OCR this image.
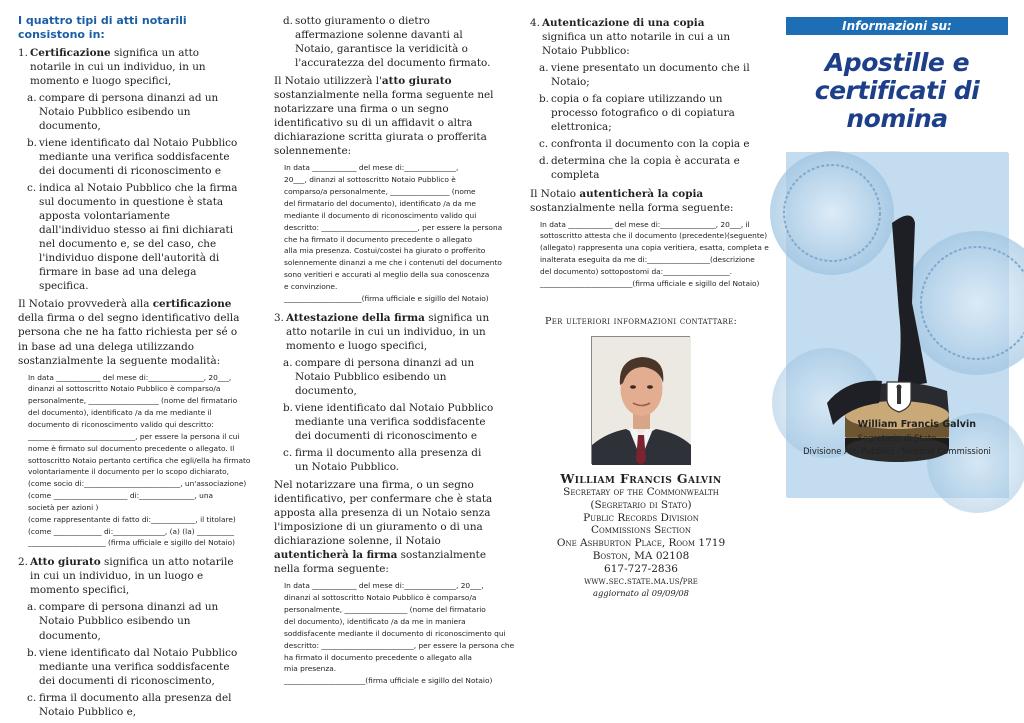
I quattro tipi di atti notarili consistono in:
1. Certificazione significa un atto notarile in cui un individuo, in un momento e luogo specifici,
a. compare di persona dinanzi ad un Notaio Pubblico esibendo un documento,
b. viene identificato dal Notaio Pubblico mediante una verifica soddisfacente dei documenti di riconoscimento e
c. indica al Notaio Pubblico che la firma sul documento in questione è stata apposta volontariamente dall'individuo stesso ai fini dichiarati nel documento e, se del caso, che l'individuo dispone dell'autorità di firmare in base ad una delega specifica.
Il Notaio provvederà alla certificazione della firma o del segno identificativo della persona che ne ha fatto richiesta per sé o in base ad una delega utilizzando sostanzialmente la seguente modalità:
In data ____________ del mese di:_______________, 20___,
dinanzi al sottoscritto Notaio Pubblico è comparso/a
personalmente, ___________________ (nome del firmatario
del documento), identificato /a da me mediante il
documento di riconoscimento valido qui descritto:
_____________________________, per essere la persona il cui
nome è firmato sul documento precedente o allegato. Il
sottoscritto Notaio pertanto certifica che egli/ella ha firmato
volontariamente il documento per lo scopo dichiarato,
(come socio di:__________________________, un'associazione)
(come ____________________ di:_______________, una
società per azioni )
(come rappresentante di fatto di:____________, il titolare)
(come _____________ di:______________, (a) (la) __________
_____________________ (firma ufficiale e sigillo del Notaio)
2. Atto giurato significa un atto notarile in cui un individuo, in un luogo e momento specifici,
a. compare di persona dinanzi ad un Notaio Pubblico esibendo un documento,
b. viene identificato dal Notaio Pubblico mediante una verifica soddisfacente dei documenti di riconoscimento,
c. firma il documento alla presenza del Notaio Pubblico e,
d. sotto giuramento o dietro affermazione solenne davanti al Notaio, garantisce la veridicità o l'accuratezza del documento firmato.
Il Notaio utilizzerà l'atto giurato sostanzialmente nella forma seguente nel notarizzare una firma o un segno identificativo su di un affidavit o altra dichiarazione scritta giurata o profferita solennemente:
In data ____________ del mese di:______________,
20___, dinanzi al sottoscritto Notaio Pubblico è
comparso/a personalmente, ________________ (nome
del firmatario del documento), identificato /a da me
mediante il documento di riconoscimento valido qui
descritto: __________________________, per essere la persona
che ha firmato il documento precedente o allegato
alla mia presenza. Costui/costei ha giurato o profferito
solennemente dinanzi a me che i contenuti del documento
sono veritieri e accurati al meglio della sua conoscenza
e convinzione.
_____________________(firma ufficiale e sigillo del Notaio)
3. Attestazione della firma significa un atto notarile in cui un individuo, in un momento e luogo specifici,
a. compare di persona dinanzi ad un Notaio Pubblico esibendo un documento,
b. viene identificato dal Notaio Pubblico mediante una verifica soddisfacente dei documenti di riconoscimento e
c. firma il documento alla presenza di un Notaio Pubblico.
Nel notarizzare una firma, o un segno identificativo, per confermare che è stata apposta alla presenza di un Notaio senza l'imposizione di un giuramento o di una dichiarazione solenne, il Notaio autenticherà la firma sostanzialmente nella forma seguente:
In data ____________ del mese di:______________, 20___,
dinanzi al sottoscritto Notaio Pubblico è comparso/a
personalmente, _________________ (nome del firmatario
del documento), identificato /a da me in maniera
soddisfacente mediante il documento di riconoscimento qui
descritto: _________________________, per essere la persona che
ha firmato il documento precedente o allegato alla
mia presenza.
______________________(firma ufficiale e sigillo del Notaio)
4. Autenticazione di una copia significa un atto notarile in cui a un Notaio Pubblico:
a. viene presentato un documento che il Notaio;
b. copia o fa copiare utilizzando un processo fotografico o di copiatura elettronica;
c. confronta il documento con la copia e
d. determina che la copia è accurata e completa
Il Notaio autenticherà la copia sostanzialmente nella forma seguente:
In data ____________ del mese di:_______________, 20___, il
sottoscritto attesta che il documento (precedente)(seguente)
(allegato) rappresenta una copia veritiera, esatta, completa e
inalterata eseguita da me di:_________________(descrizione
del documento) sottopostomi da:__________________.
_________________________(firma ufficiale e sigillo del Notaio)
Per ulteriori informazioni contattare:
William Francis Galvin
Secretary of the Commonwealth
(Segretario di Stato)
Public Records Division
Commissions Section
One Ashburton Place, Room 1719
Boston, MA 02108
617-727-2836
www.sec.state.ma.us/pre
aggiornato al 09/09/08
Informazioni su:
Apostille e
certificati di
nomina
William Francis Galvin
Segretario di Stato
Divisione Atti Pubblici - Sezione Commissioni
